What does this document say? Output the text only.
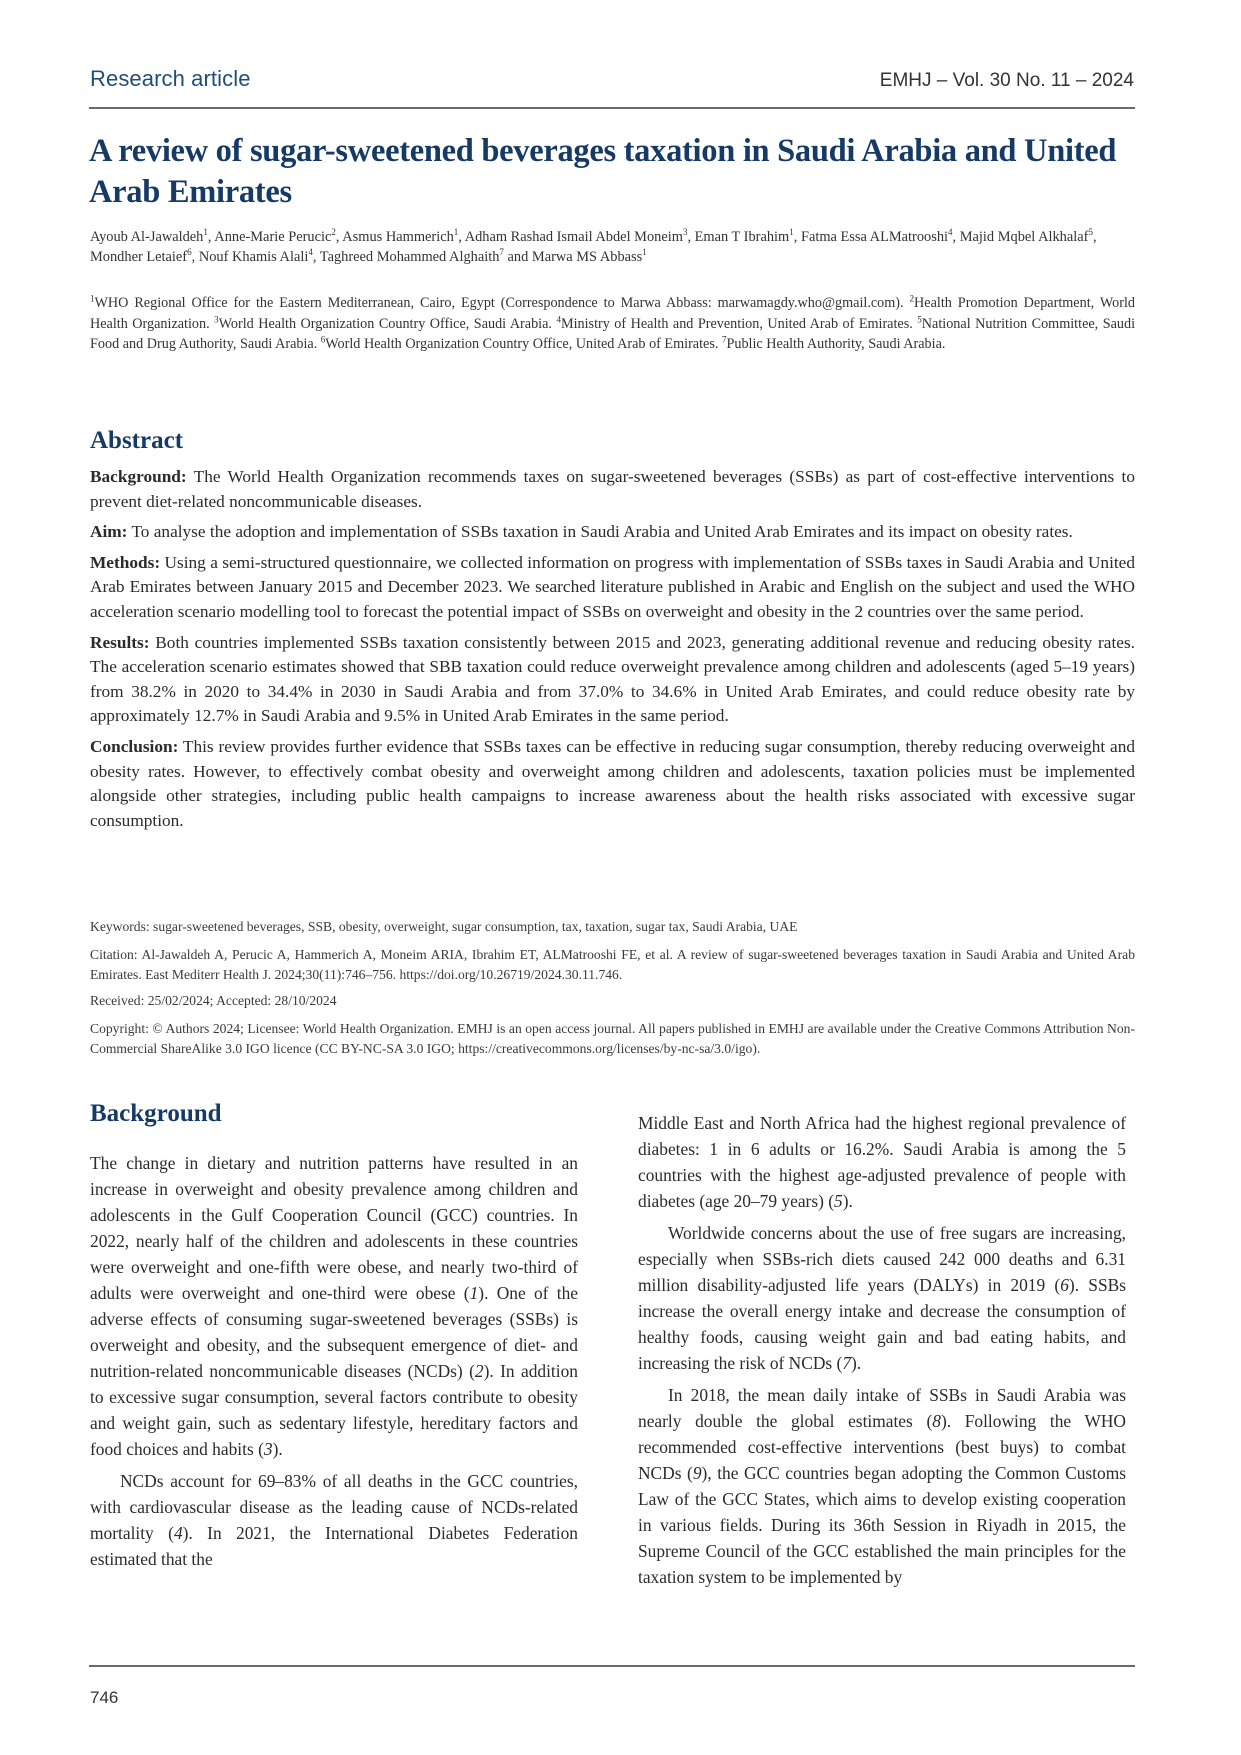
Research article	EMHJ – Vol. 30 No. 11 – 2024
A review of sugar-sweetened beverages taxation in Saudi Arabia and United Arab Emirates
Ayoub Al-Jawaldeh$^1$, Anne-Marie Perucic$^2$, Asmus Hammerich$^1$, Adham Rashad Ismail Abdel Moneim$^3$, Eman T Ibrahim$^1$, Fatma Essa ALMatrooshi$^4$, Majid Mqbel Alkhalaf$^5$, Mondher Letaief$^6$, Nouf Khamis Alali$^4$, Taghreed Mohammed Alghaith$^7$ and Marwa MS Abbass$^1$
$^1$WHO Regional Office for the Eastern Mediterranean, Cairo, Egypt (Correspondence to Marwa Abbass: marwamagdy.who@gmail.com). $^2$Health Promotion Department, World Health Organization. $^3$World Health Organization Country Office, Saudi Arabia. $^4$Ministry of Health and Prevention, United Arab of Emirates. $^5$National Nutrition Committee, Saudi Food and Drug Authority, Saudi Arabia. $^6$World Health Organization Country Office, United Arab of Emirates. $^7$Public Health Authority, Saudi Arabia.
Abstract

Background: The World Health Organization recommends taxes on sugar-sweetened beverages (SSBs) as part of cost-effective interventions to prevent diet-related noncommunicable diseases.

Aim: To analyse the adoption and implementation of SSBs taxation in Saudi Arabia and United Arab Emirates and its impact on obesity rates.

Methods: Using a semi-structured questionnaire, we collected information on progress with implementation of SSBs taxes in Saudi Arabia and United Arab Emirates between January 2015 and December 2023. We searched literature published in Arabic and English on the subject and used the WHO acceleration scenario modelling tool to forecast the potential impact of SSBs on overweight and obesity in the 2 countries over the same period.

Results: Both countries implemented SSBs taxation consistently between 2015 and 2023, generating additional revenue and reducing obesity rates. The acceleration scenario estimates showed that SBB taxation could reduce overweight prevalence among children and adolescents (aged 5–19 years) from 38.2% in 2020 to 34.4% in 2030 in Saudi Arabia and from 37.0% to 34.6% in United Arab Emirates, and could reduce obesity rate by approximately 12.7% in Saudi Arabia and 9.5% in United Arab Emirates in the same period.

Conclusion: This review provides further evidence that SSBs taxes can be effective in reducing sugar consumption, thereby reducing overweight and obesity rates. However, to effectively combat obesity and overweight among children and adolescents, taxation policies must be implemented alongside other strategies, including public health campaigns to increase awareness about the health risks associated with excessive sugar consumption.

Keywords: sugar-sweetened beverages, SSB, obesity, overweight, sugar consumption, tax, taxation, sugar tax, Saudi Arabia, UAE

Citation: Al-Jawaldeh A, Perucic A, Hammerich A, Moneim ARIA, Ibrahim ET, ALMatrooshi FE, et al. A review of sugar-sweetened beverages taxation in Saudi Arabia and United Arab Emirates. East Mediterr Health J. 2024;30(11):746–756. https://doi.org/10.26719/2024.30.11.746.

Received: 25/02/2024; Accepted: 28/10/2024

Copyright: © Authors 2024; Licensee: World Health Organization. EMHJ is an open access journal. All papers published in EMHJ are available under the Creative Commons Attribution Non-Commercial ShareAlike 3.0 IGO licence (CC BY-NC-SA 3.0 IGO; https://creativecommons.org/licenses/by-nc-sa/3.0/igo).

Background

The change in dietary and nutrition patterns have resulted in an increase in overweight and obesity prevalence among children and adolescents in the Gulf Cooperation Council (GCC) countries. In 2022, nearly half of the children and adolescents in these countries were overweight and one-fifth were obese, and nearly two-third of adults were overweight and one-third were obese (1). One of the adverse effects of consuming sugar-sweetened beverages (SSBs) is overweight and obesity, and the subsequent emergence of diet- and nutrition-related noncommunicable diseases (NCDs) (2). In addition to excessive sugar consumption, several factors contribute to obesity and weight gain, such as sedentary lifestyle, hereditary factors and food choices and habits (3).

NCDs account for 69–83% of all deaths in the GCC countries, with cardiovascular disease as the leading cause of NCDs-related mortality (4). In 2021, the International Diabetes Federation estimated that the

Middle East and North Africa had the highest regional prevalence of diabetes: 1 in 6 adults or 16.2%. Saudi Arabia is among the 5 countries with the highest age-adjusted prevalence of people with diabetes (age 20–79 years) (5).

Worldwide concerns about the use of free sugars are increasing, especially when SSBs-rich diets caused 242 000 deaths and 6.31 million disability-adjusted life years (DALYs) in 2019 (6). SSBs increase the overall energy intake and decrease the consumption of healthy foods, causing weight gain and bad eating habits, and increasing the risk of NCDs (7).

In 2018, the mean daily intake of SSBs in Saudi Arabia was nearly double the global estimates (8). Following the WHO recommended cost-effective interventions (best buys) to combat NCDs (9), the GCC countries began adopting the Common Customs Law of the GCC States, which aims to develop existing cooperation in various fields. During its 36th Session in Riyadh in 2015, the Supreme Council of the GCC established the main principles for the taxation system to be implemented by

746
